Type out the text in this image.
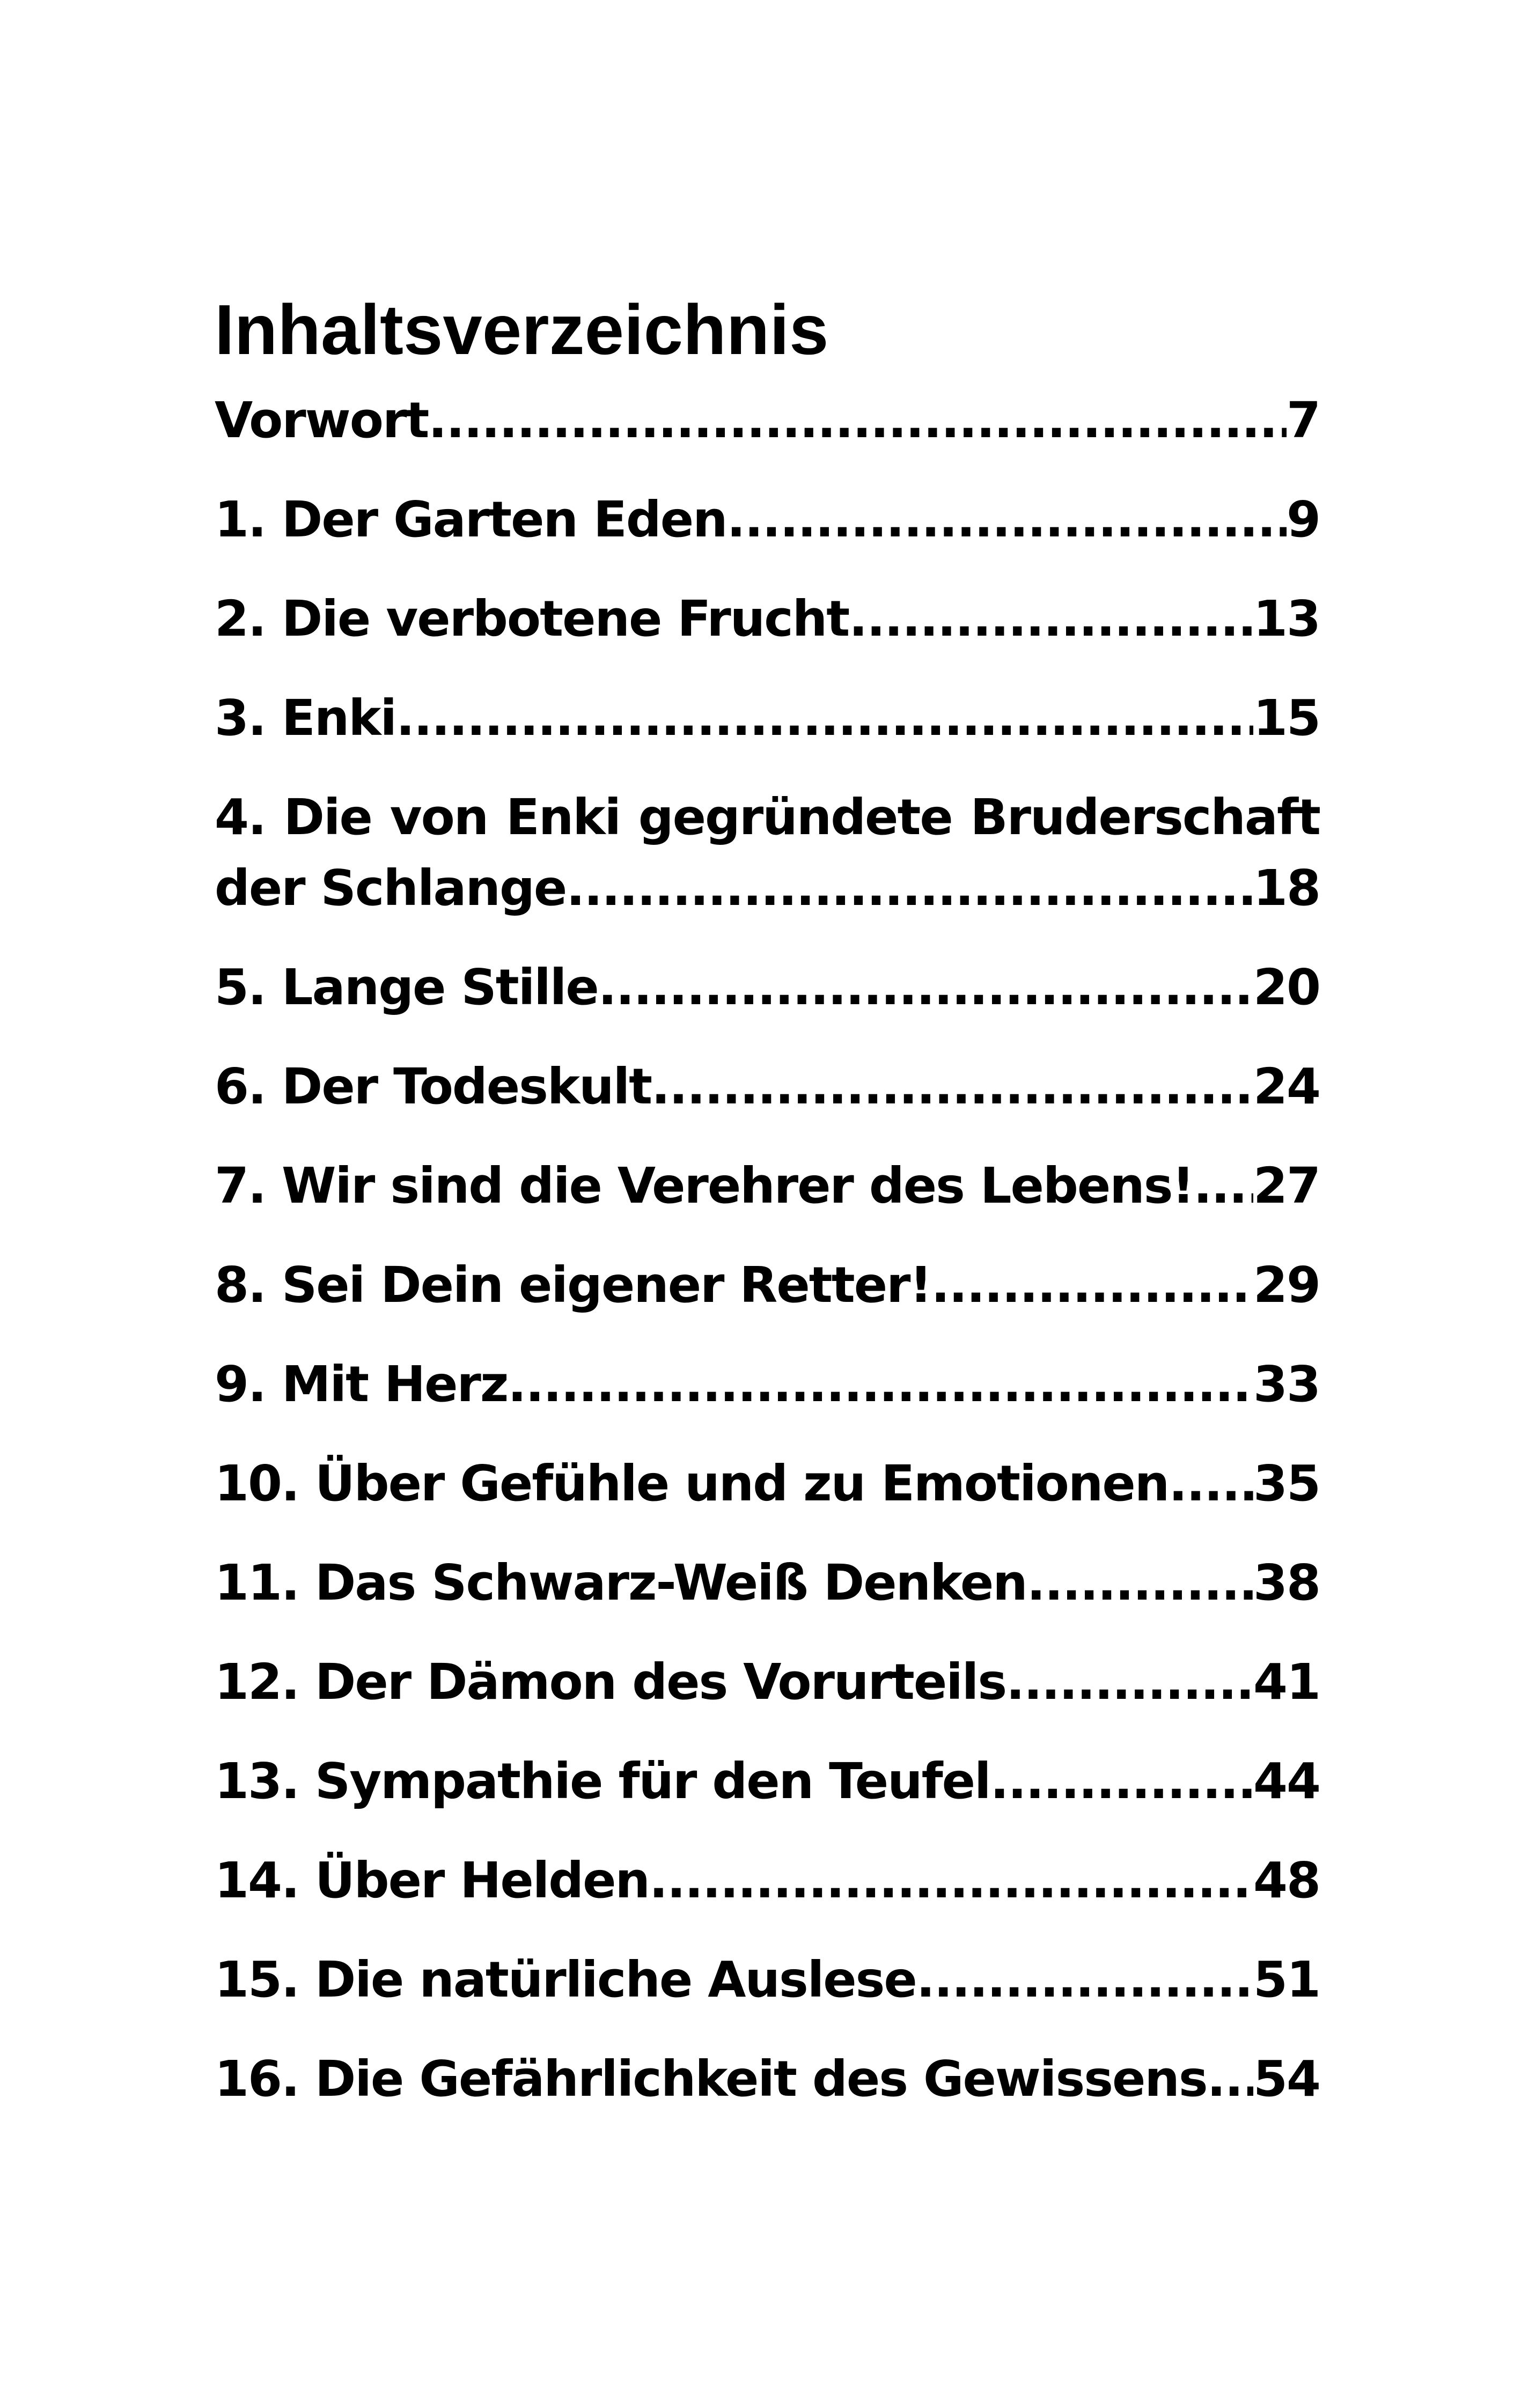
Inhaltsverzeichnis
Vorwort .....	7
1. Der Garten Eden .....	9
2. Die verbotene Frucht .....	13
3. Enki .....	15
4. Die von Enki gegründete Bruderschaft
der Schlange .....	18
5. Lange Stille .....	20
6. Der Todeskult .....	24
7. Wir sind die Verehrer des Lebens! ..... 27
8. Sei Dein eigener Retter! .....	29
9. Mit Herz .....	33
10. Über Gefühle und zu Emotionen ..... 35
11. Das Schwarz-Weiß Denken .....	38
12. Der Dämon des Vorurteils .....	41
13. Sympathie für den Teufel .....	44
14. Über Helden .....	48
15. Die natürliche Auslese .....	51
16. Die Gefährlichkeit des Gewissens ..... 54
